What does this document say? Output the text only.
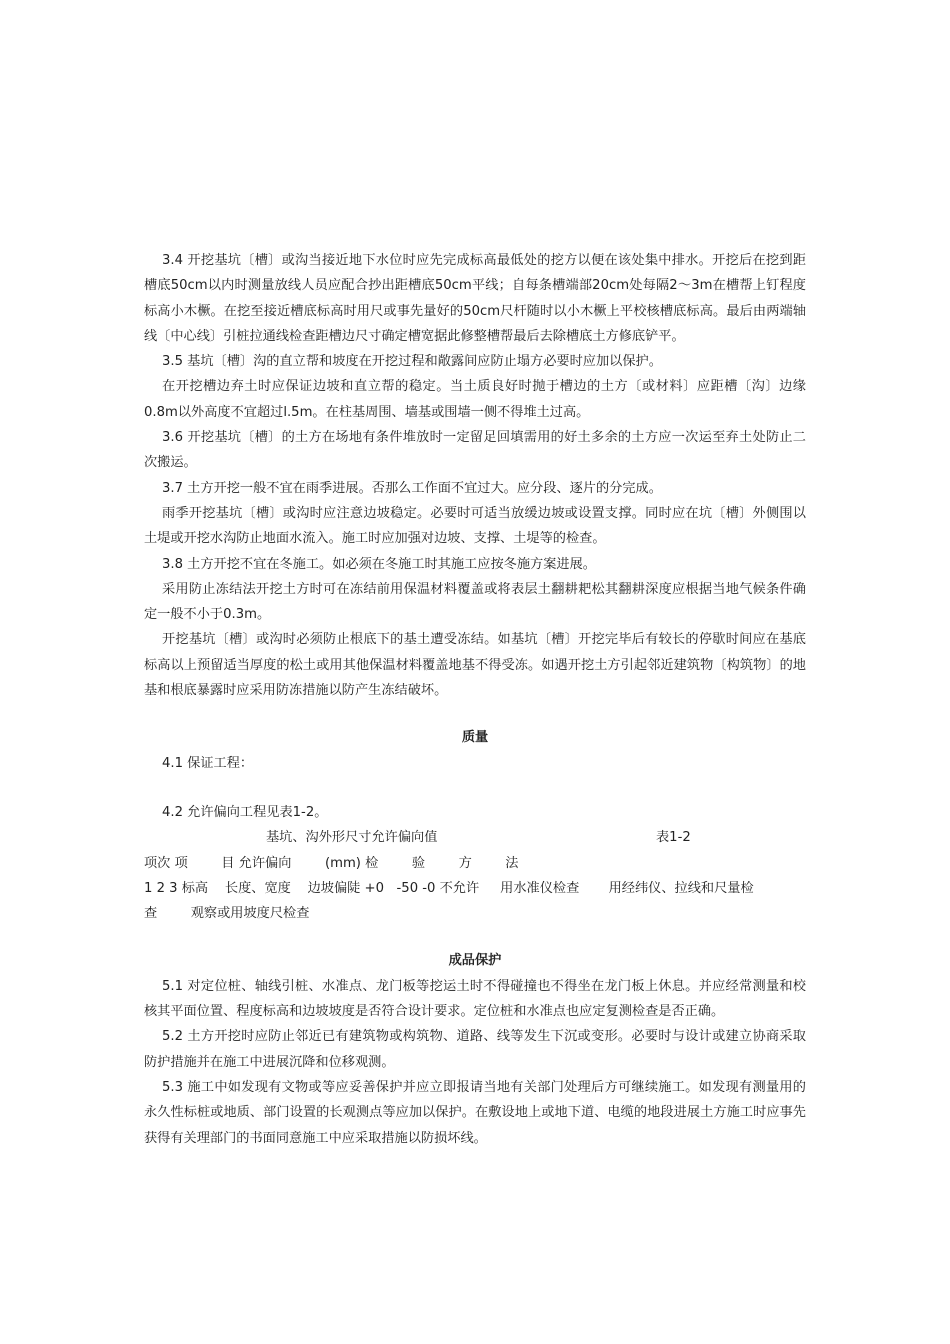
3.4 开挖基坑〔槽〕或沟当接近地下水位时应先完成标高最低处的挖方以便在该处集中排水。开挖后在挖到距槽底50cm以内时测量放线人员应配合抄出距槽底50cm平线；自每条槽端部20cm处每隔2～3m在槽帮上钉程度标高小木橛。在挖至接近槽底标高时用尺或事先量好的50cm尺杆随时以小木橛上平校核槽底标高。最后由两端轴线〔中心线〕引桩拉通线检查距槽边尺寸确定槽宽据此修整槽帮最后去除槽底土方修底铲平。

3.5 基坑〔槽〕沟的直立帮和坡度在开挖过程和敞露间应防止塌方必要时应加以保护。

在开挖槽边弃土时应保证边坡和直立帮的稳定。当土质良好时抛于槽边的土方〔或材料〕应距槽〔沟〕边缘0.8m以外高度不宜超过l.5m。在柱基周围、墙基或围墙一侧不得堆土过高。

3.6 开挖基坑〔槽〕的土方在场地有条件堆放时一定留足回填需用的好土多余的土方应一次运至弃土处防止二次搬运。

3.7 土方开挖一般不宜在雨季进展。否那么工作面不宜过大。应分段、逐片的分完成。

雨季开挖基坑〔槽〕或沟时应注意边坡稳定。必要时可适当放缓边坡或设置支撑。同时应在坑〔槽〕外侧围以土堤或开挖水沟防止地面水流入。施工时应加强对边坡、支撑、土堤等的检查。

3.8 土方开挖不宜在冬施工。如必须在冬施工时其施工应按冬施方案进展。

采用防止冻结法开挖土方时可在冻结前用保温材料覆盖或将表层土翻耕耙松其翻耕深度应根据当地气候条件确定一般不小于0.3m。

开挖基坑〔槽〕或沟时必须防止根底下的基土遭受冻结。如基坑〔槽〕开挖完毕后有较长的停歇时间应在基底标高以上预留适当厚度的松土或用其他保温材料覆盖地基不得受冻。如遇开挖土方引起邻近建筑物〔构筑物〕的地基和根底暴露时应采用防冻措施以防产生冻结破坏。

质量

4.1 保证工程：

4.2 允许偏向工程见表1-2。

基坑、沟外形尺寸允许偏向值	表1-2
项次 项        目 允许偏向        (mm) 检        验        方        法
1 2 3 标高    长度、宽度    边坡偏陡 +0   -50 -0 不允许     用水准仪检查       用经纬仪、拉线和尺量检
查        观察或用坡度尺检查

成品保护

5.1 对定位桩、轴线引桩、水准点、龙门板等挖运土时不得碰撞也不得坐在龙门板上休息。并应经常测量和校核其平面位置、程度标高和边坡坡度是否符合设计要求。定位桩和水准点也应定复测检查是否正确。

5.2 土方开挖时应防止邻近已有建筑物或构筑物、道路、线等发生下沉或变形。必要时与设计或建立协商采取防护措施并在施工中进展沉降和位移观测。

5.3 施工中如发现有文物或等应妥善保护并应立即报请当地有关部门处理后方可继续施工。如发现有测量用的永久性标桩或地质、部门设置的长观测点等应加以保护。在敷设地上或地下道、电缆的地段进展土方施工时应事先获得有关理部门的书面同意施工中应采取措施以防损坏线。
